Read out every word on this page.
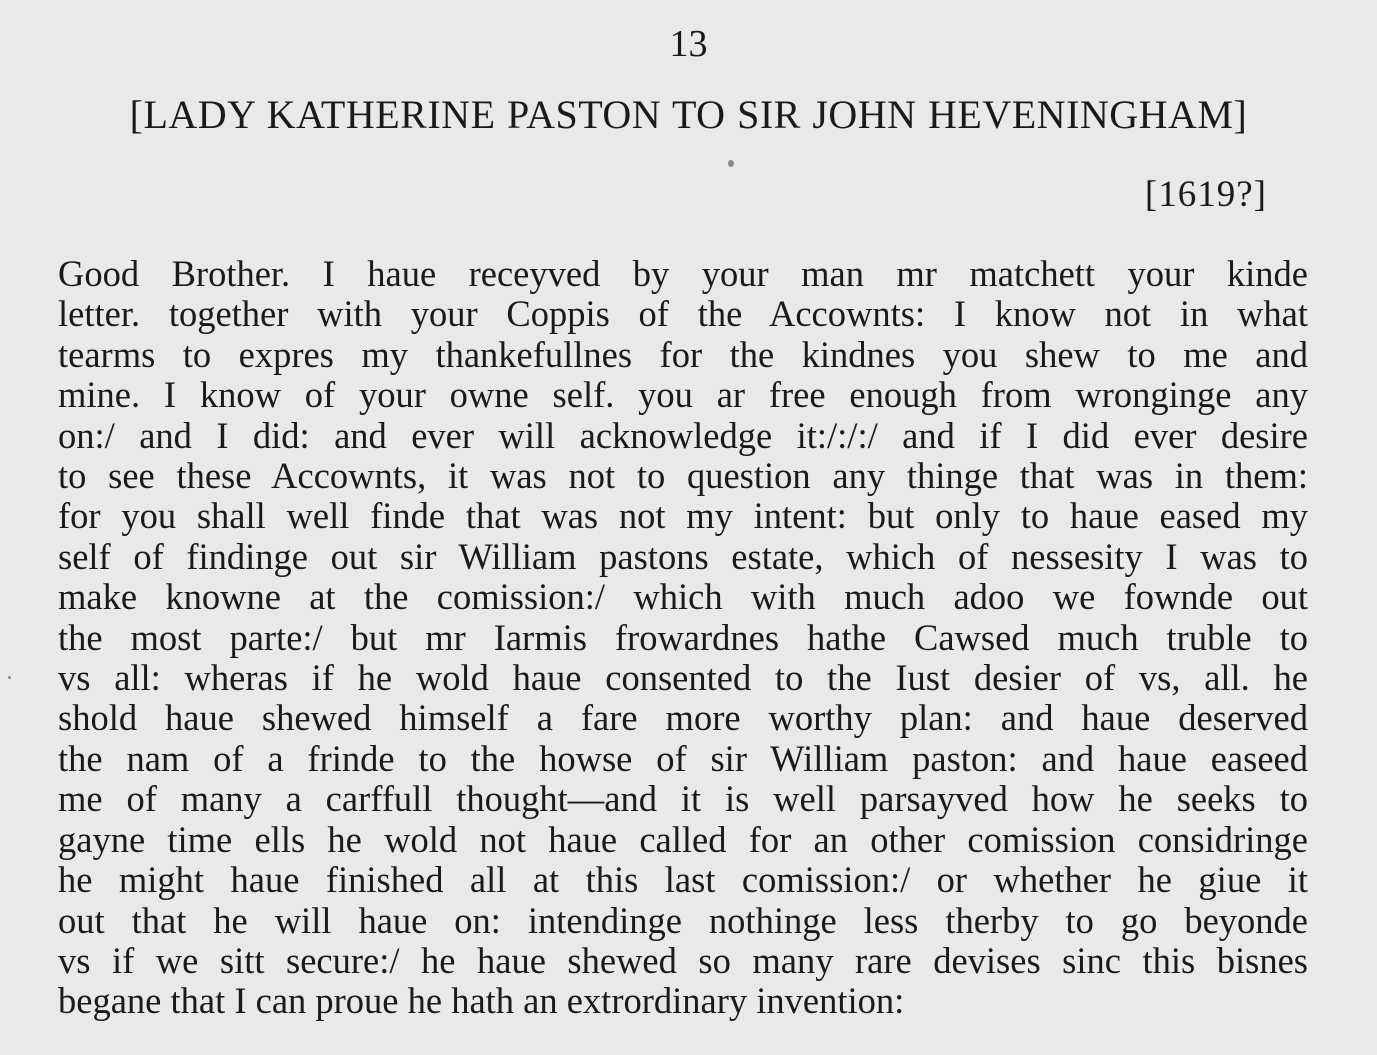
13
[LADY KATHERINE PASTON TO SIR JOHN HEVENINGHAM]
[1619?]
Good Brother. I haue receyved by your man mr matchett your kinde
letter. together with your Coppis of the Accownts: I know not in what
tearms to expres my thankefullnes for the kindnes you shew to me and
mine. I know of your owne self. you ar free enough from wronginge any
on:/ and I did: and ever will acknowledge it:/:/:/ and if I did ever desire
to see these Accownts, it was not to question any thinge that was in them:
for you shall well finde that was not my intent: but only to haue eased my
self of findinge out sir William pastons estate, which of nessesity I was to
make knowne at the comission:/ which with much adoo we fownde out
the most parte:/ but mr Iarmis frowardnes hathe Cawsed much truble to
vs all: wheras if he wold haue consented to the Iust desier of vs, all. he
shold haue shewed himself a fare more worthy plan: and haue deserved
the nam of a frinde to the howse of sir William paston: and haue easeed
me of many a carffull thought—and it is well parsayved how he seeks to
gayne time ells he wold not haue called for an other comission considringe
he might haue finished all at this last comission:/ or whether he giue it
out that he will haue on: intendinge nothinge less therby to go beyonde
vs if we sitt secure:/ he haue shewed so many rare devises sinc this bisnes
begane that I can proue he hath an extrordinary invention:
